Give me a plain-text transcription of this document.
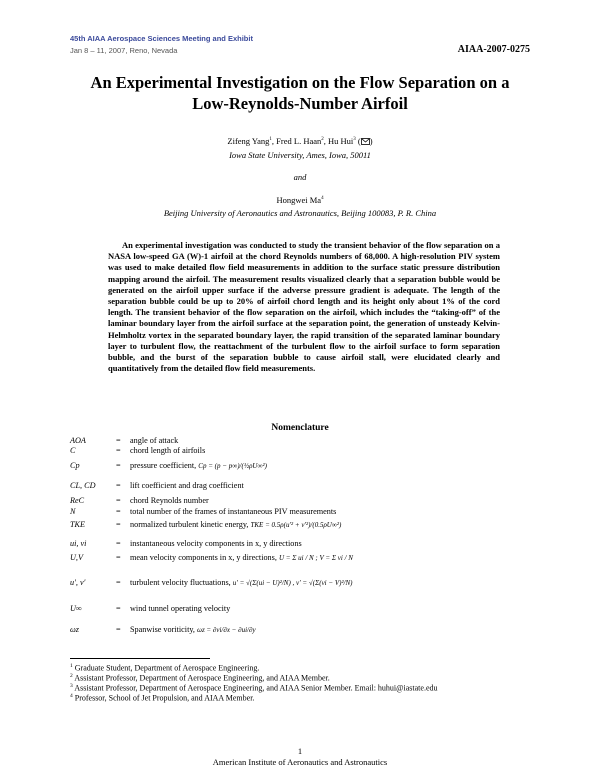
45th AIAA Aerospace Sciences Meeting and Exhibit
Jan 8 – 11, 2007, Reno, Nevada	AIAA-2007-0275
An Experimental Investigation on the Flow Separation on a
Low-Reynolds-Number Airfoil
Zifeng Yang$^1$, Fred L. Haan$^2$, Hu Hui$^3$ ( )
Iowa State University, Ames, Iowa, 50011
and
Hongwei Ma$^4$
Beijing University of Aeronautics and Astronautics, Beijing 100083, P. R. China
An experimental investigation was conducted to study the transient behavior of the flow separation on a NASA low-speed GA (W)-1 airfoil at the chord Reynolds numbers of 68,000. A high-resolution PIV system was used to make detailed flow field measurements in addition to the surface static pressure distribution mapping around the airfoil. The measurement results visualized clearly that a separation bubble would be generated on the airfoil upper surface if the adverse pressure gradient is adequate. The length of the separation bubble could be up to 20% of airfoil chord length and its height only about 1% of the cord length. The transient behavior of the flow separation on the airfoil, which includes the “taking-off” of the laminar boundary layer from the airfoil surface at the separation point, the generation of unsteady Kelvin-Helmholtz vortex in the separated boundary layer, the rapid transition of the separated laminar boundary layer to turbulent flow, the reattachment of the turbulent flow to the airfoil surface to form separation bubble, and the burst of the separation bubble to cause airfoil stall, were elucidated clearly and quantitatively from the detailed flow field measurements.
Nomenclature
AOA	= angle of attack
C	= chord length of airfoils
Cp	= pressure coefficient, Cp = (p − p∞)/(½ρU∞²)
CL, CD	= lift coefficient and drag coefficient
ReC	= chord Reynolds number
N	= total number of the frames of instantaneous PIV measurements
TKE	= normalized turbulent kinetic energy, TKE = 0.5ρ(u′² + v′²)/(0.5ρU∞²)
ui, vi	= instantaneous velocity components in x, y directions
U,V	= mean velocity components in x, y directions, U = Σ ui / N ; V = Σ vi / N
u′, v′	= turbulent velocity fluctuations, u′ = √(Σ(ui − U)²/N) , v′ = √(Σ(vi − V)²/N)
U∞	= wind tunnel operating velocity
ωz	= Spanwise voriticity, ωz = ∂vi/∂x − ∂ui/∂y
$^1$ Graduate Student, Department of Aerospace Engineering.
$^2$ Assistant Professor, Department of Aerospace Engineering, and AIAA Member.
$^3$ Assistant Professor, Department of Aerospace Engineering, and AIAA Senior Member. Email: huhui@iastate.edu
$^4$ Professor, School of Jet Propulsion, and AIAA Member.
1
American Institute of Aeronautics and Astronautics
